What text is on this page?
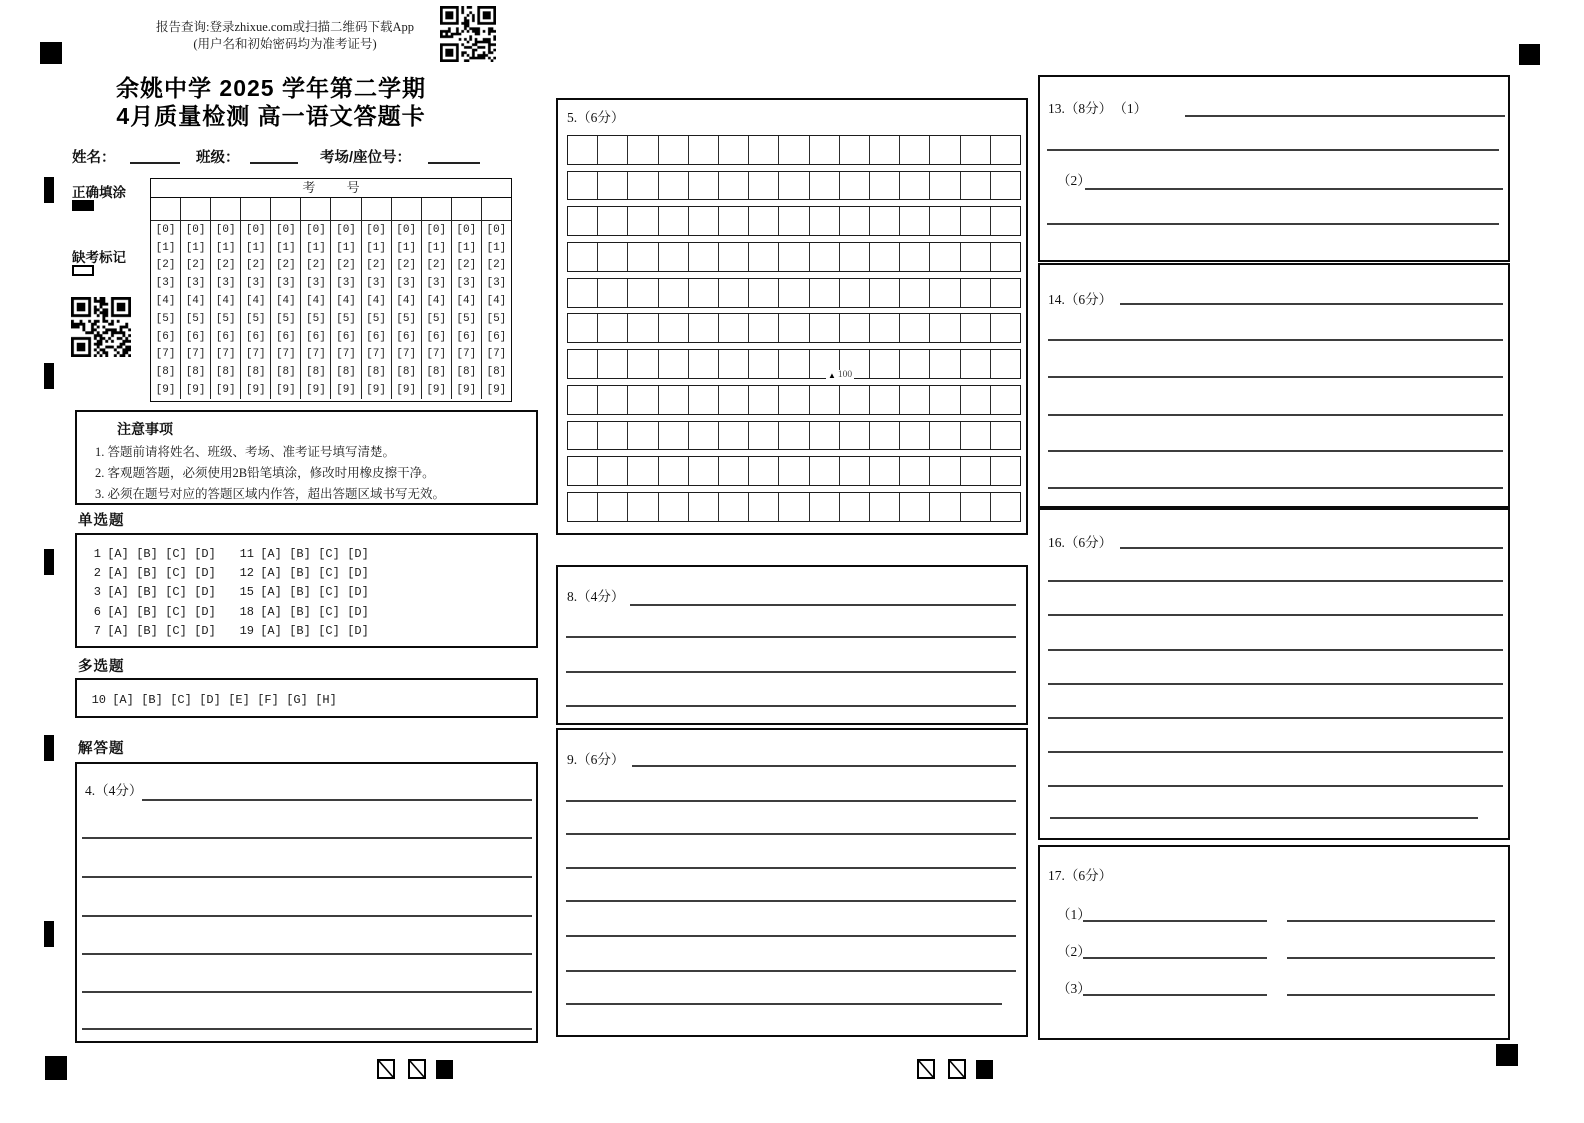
报告查询:登录zhixue.com或扫描二维码下载App
(用户名和初始密码均为准考证号)
余姚中学 2025 学年第二学期
4月质量检测 高一语文答题卡
姓名：	班级：	考场/座位号：
正确填涂
缺考标记
考 号
[0]
[1]
[2]
[3]
[4]
[5]
[6]
[7]
[8]
[9]
[0]
[1]
[2]
[3]
[4]
[5]
[6]
[7]
[8]
[9]
[0]
[1]
[2]
[3]
[4]
[5]
[6]
[7]
[8]
[9]
[0]
[1]
[2]
[3]
[4]
[5]
[6]
[7]
[8]
[9]
[0]
[1]
[2]
[3]
[4]
[5]
[6]
[7]
[8]
[9]
[0]
[1]
[2]
[3]
[4]
[5]
[6]
[7]
[8]
[9]
[0]
[1]
[2]
[3]
[4]
[5]
[6]
[7]
[8]
[9]
[0]
[1]
[2]
[3]
[4]
[5]
[6]
[7]
[8]
[9]
[0]
[1]
[2]
[3]
[4]
[5]
[6]
[7]
[8]
[9]
[0]
[1]
[2]
[3]
[4]
[5]
[6]
[7]
[8]
[9]
[0]
[1]
[2]
[3]
[4]
[5]
[6]
[7]
[8]
[9]
[0]
[1]
[2]
[3]
[4]
[5]
[6]
[7]
[8]
[9]
注意事项
1. 答题前请将姓名、班级、考场、准考证号填写清楚。
2. 客观题答题，必须使用2B铅笔填涂，修改时用橡皮擦干净。
3. 必须在题号对应的答题区域内作答，超出答题区域书写无效。
单选题
1 [A] [B] [C] [D] 11 [A] [B] [C] [D]
2 [A] [B] [C] [D] 12 [A] [B] [C] [D]
3 [A] [B] [C] [D] 15 [A] [B] [C] [D]
6 [A] [B] [C] [D] 18 [A] [B] [C] [D]
7 [A] [B] [C] [D] 19 [A] [B] [C] [D]
多选题
10 [A] [B] [C] [D] [E] [F] [G] [H]
解答题
4.（4分）
5.（6分）
▲ 100
8.（4分）
9.（6分）
13.（8分） （1）
（2）
14.（6分）
16.（6分）
17.（6分）
（1）
（2）
（3）
